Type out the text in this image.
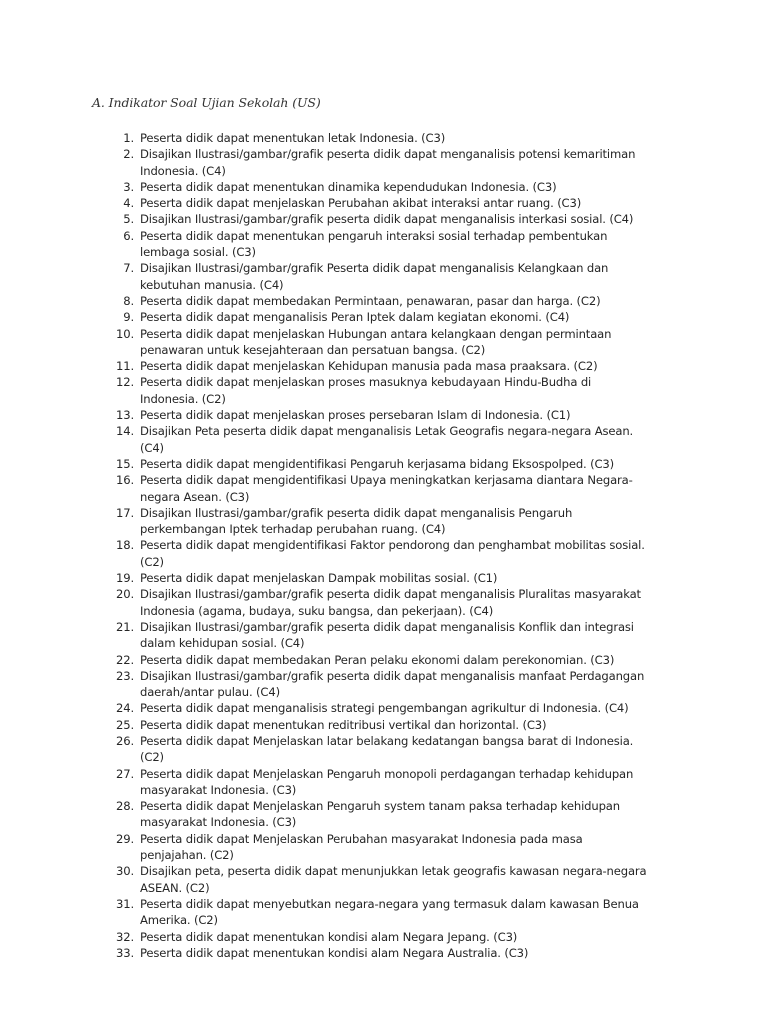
A. Indikator Soal Ujian Sekolah (US)
1. Peserta didik dapat menentukan letak Indonesia. (C3)
2. Disajikan Ilustrasi/gambar/grafik peserta didik dapat menganalisis potensi kemaritiman Indonesia. (C4)
3. Peserta didik dapat menentukan dinamika kependudukan Indonesia. (C3)
4. Peserta didik dapat menjelaskan Perubahan akibat interaksi antar ruang. (C3)
5. Disajikan Ilustrasi/gambar/grafik peserta didik dapat menganalisis interkasi sosial. (C4)
6. Peserta didik dapat menentukan pengaruh interaksi sosial terhadap pembentukan lembaga sosial. (C3)
7. Disajikan Ilustrasi/gambar/grafik Peserta didik dapat menganalisis Kelangkaan dan kebutuhan manusia. (C4)
8. Peserta didik dapat membedakan Permintaan, penawaran, pasar dan harga. (C2)
9. Peserta didik dapat menganalisis Peran Iptek dalam kegiatan ekonomi. (C4)
10. Peserta didik dapat menjelaskan Hubungan antara kelangkaan dengan permintaan penawaran untuk kesejahteraan dan persatuan bangsa. (C2)
11. Peserta didik dapat menjelaskan Kehidupan manusia pada masa praaksara. (C2)
12. Peserta didik dapat menjelaskan proses masuknya kebudayaan Hindu-Budha di Indonesia. (C2)
13. Peserta didik dapat menjelaskan proses persebaran Islam di Indonesia. (C1)
14. Disajikan Peta peserta didik dapat menganalisis Letak Geografis negara-negara Asean. (C4)
15. Peserta didik dapat mengidentifikasi Pengaruh kerjasama bidang Eksospolped. (C3)
16. Peserta didik dapat mengidentifikasi Upaya meningkatkan kerjasama diantara Negara-negara Asean. (C3)
17. Disajikan Ilustrasi/gambar/grafik peserta didik dapat menganalisis Pengaruh perkembangan Iptek terhadap perubahan ruang. (C4)
18. Peserta didik dapat mengidentifikasi Faktor pendorong dan penghambat mobilitas sosial. (C2)
19. Peserta didik dapat menjelaskan Dampak mobilitas sosial. (C1)
20. Disajikan Ilustrasi/gambar/grafik peserta didik dapat menganalisis Pluralitas masyarakat Indonesia (agama, budaya, suku bangsa, dan pekerjaan). (C4)
21. Disajikan Ilustrasi/gambar/grafik peserta didik dapat menganalisis Konflik dan integrasi dalam kehidupan sosial. (C4)
22. Peserta didik dapat membedakan Peran pelaku ekonomi dalam perekonomian. (C3)
23. Disajikan Ilustrasi/gambar/grafik peserta didik dapat menganalisis manfaat Perdagangan daerah/antar pulau. (C4)
24. Peserta didik dapat menganalisis strategi pengembangan agrikultur di Indonesia. (C4)
25. Peserta didik dapat menentukan reditribusi vertikal dan horizontal. (C3)
26. Peserta didik dapat Menjelaskan latar belakang kedatangan bangsa barat di Indonesia. (C2)
27. Peserta didik dapat Menjelaskan Pengaruh monopoli perdagangan terhadap kehidupan masyarakat Indonesia. (C3)
28. Peserta didik dapat Menjelaskan Pengaruh system tanam paksa terhadap kehidupan masyarakat Indonesia. (C3)
29. Peserta didik dapat Menjelaskan Perubahan masyarakat Indonesia pada masa penjajahan. (C2)
30. Disajikan peta, peserta didik dapat menunjukkan letak geografis kawasan negara-negara ASEAN. (C2)
31. Peserta didik dapat menyebutkan negara-negara yang termasuk dalam kawasan Benua Amerika. (C2)
32. Peserta didik dapat menentukan kondisi alam Negara Jepang. (C3)
33. Peserta didik dapat menentukan kondisi alam Negara Australia. (C3)
